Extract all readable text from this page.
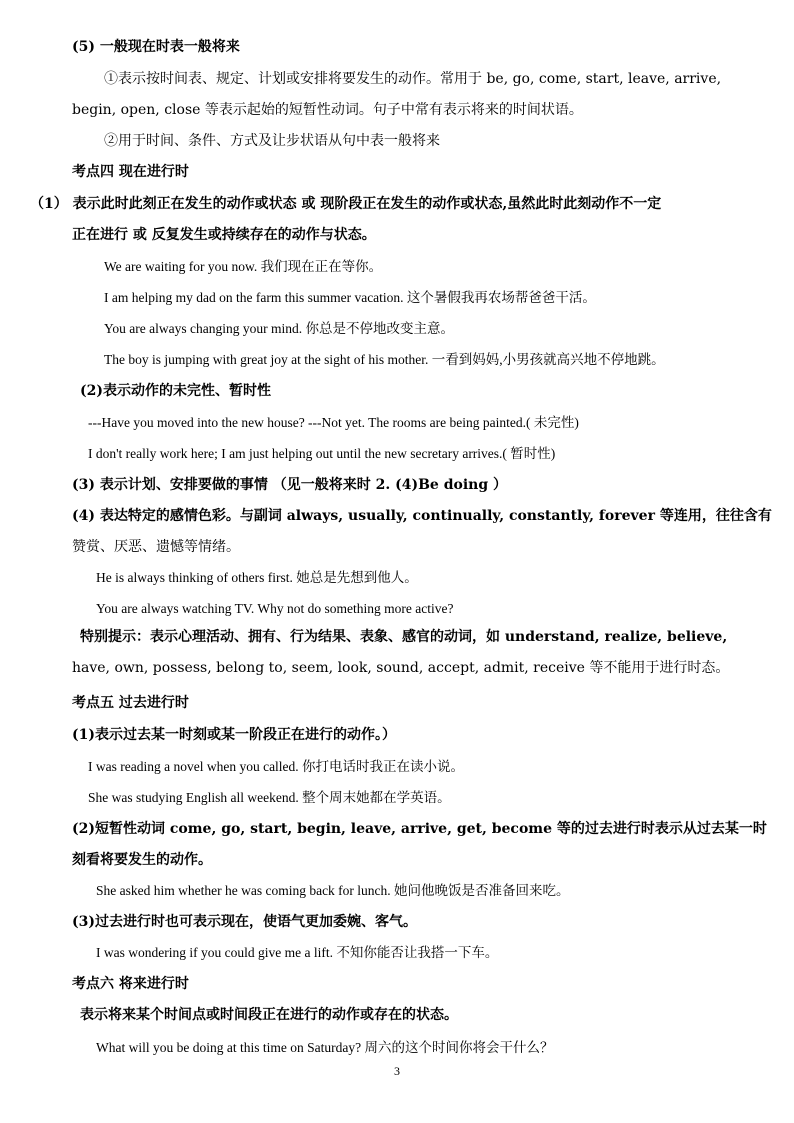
(5) 一般现在时表一般将来
①表示按时间表、规定、计划或安排将要发生的动作。常用于 be, go, come, start, leave, arrive,
begin, open, close 等表示起始的短暂性动词。句子中常有表示将来的时间状语。
②用于时间、条件、方式及让步状语从句中表一般将来
考点四 现在进行时
（1） 表示此时此刻正在发生的动作或状态 或 现阶段正在发生的动作或状态,虽然此时此刻动作不一定
正在进行 或 反复发生或持续存在的动作与状态。
We are waiting for you now. 我们现在正在等你。
I am helping my dad on the farm this summer vacation. 这个暑假我再农场帮爸爸干活。
You are always changing your mind. 你总是不停地改变主意。
The boy is jumping with great joy at the sight of his mother. 一看到妈妈,小男孩就高兴地不停地跳。
(2)表示动作的未完性、暂时性
---Have you moved into the new house? ---Not yet. The rooms are being painted.( 未完性)
I don't really work here; I am just helping out until the new secretary arrives.( 暂时性)
(3) 表示计划、安排要做的事情 （见一般将来时 2. (4)Be doing ）
(4) 表达特定的感情色彩。与副词 always, usually, continually, constantly, forever 等连用，往往含有
赞赏、厌恶、遗憾等情绪。
He is always thinking of others first. 她总是先想到他人。
You are always watching TV. Why not do something more active?
特别提示：表示心理活动、拥有、行为结果、表象、感官的动词，如 understand, realize, believe,
have, own, possess, belong to, seem, look, sound, accept, admit, receive 等不能用于进行时态。
考点五 过去进行时
(1)表示过去某一时刻或某一阶段正在进行的动作。）
I was reading a novel when you called. 你打电话时我正在读小说。
She was studying English all weekend. 整个周末她都在学英语。
(2)短暂性动词 come, go, start, begin, leave, arrive, get, become 等的过去进行时表示从过去某一时
刻看将要发生的动作。
She asked him whether he was coming back for lunch. 她问他晚饭是否准备回来吃。
(3)过去进行时也可表示现在，使语气更加委婉、客气。
I was wondering if you could give me a lift. 不知你能否让我搭一下车。
考点六 将来进行时
表示将来某个时间点或时间段正在进行的动作或存在的状态。
What will you be doing at this time on Saturday? 周六的这个时间你将会干什么？
3
